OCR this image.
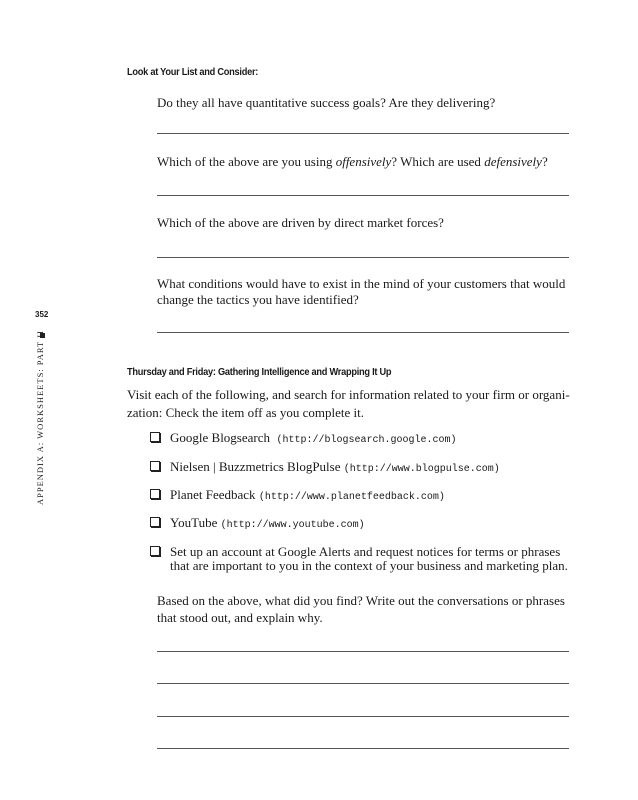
352
APPENDIX A: WORKSHEETS: PART II
Look at Your List and Consider:
Do they all have quantitative success goals? Are they delivering?
Which of the above are you using offensively? Which are used defensively?
Which of the above are driven by direct market forces?
What conditions would have to exist in the mind of your customers that would
change the tactics you have identified?
Thursday and Friday: Gathering Intelligence and Wrapping It Up
Visit each of the following, and search for information related to your firm or organi-
zation: Check the item off as you complete it.
Google Blogsearch (http://blogsearch.google.com)
Nielsen | Buzzmetrics BlogPulse (http://www.blogpulse.com)
Planet Feedback (http://www.planetfeedback.com)
YouTube (http://www.youtube.com)
Set up an account at Google Alerts and request notices for terms or phrases
that are important to you in the context of your business and marketing plan.
Based on the above, what did you find? Write out the conversations or phrases
that stood out, and explain why.
